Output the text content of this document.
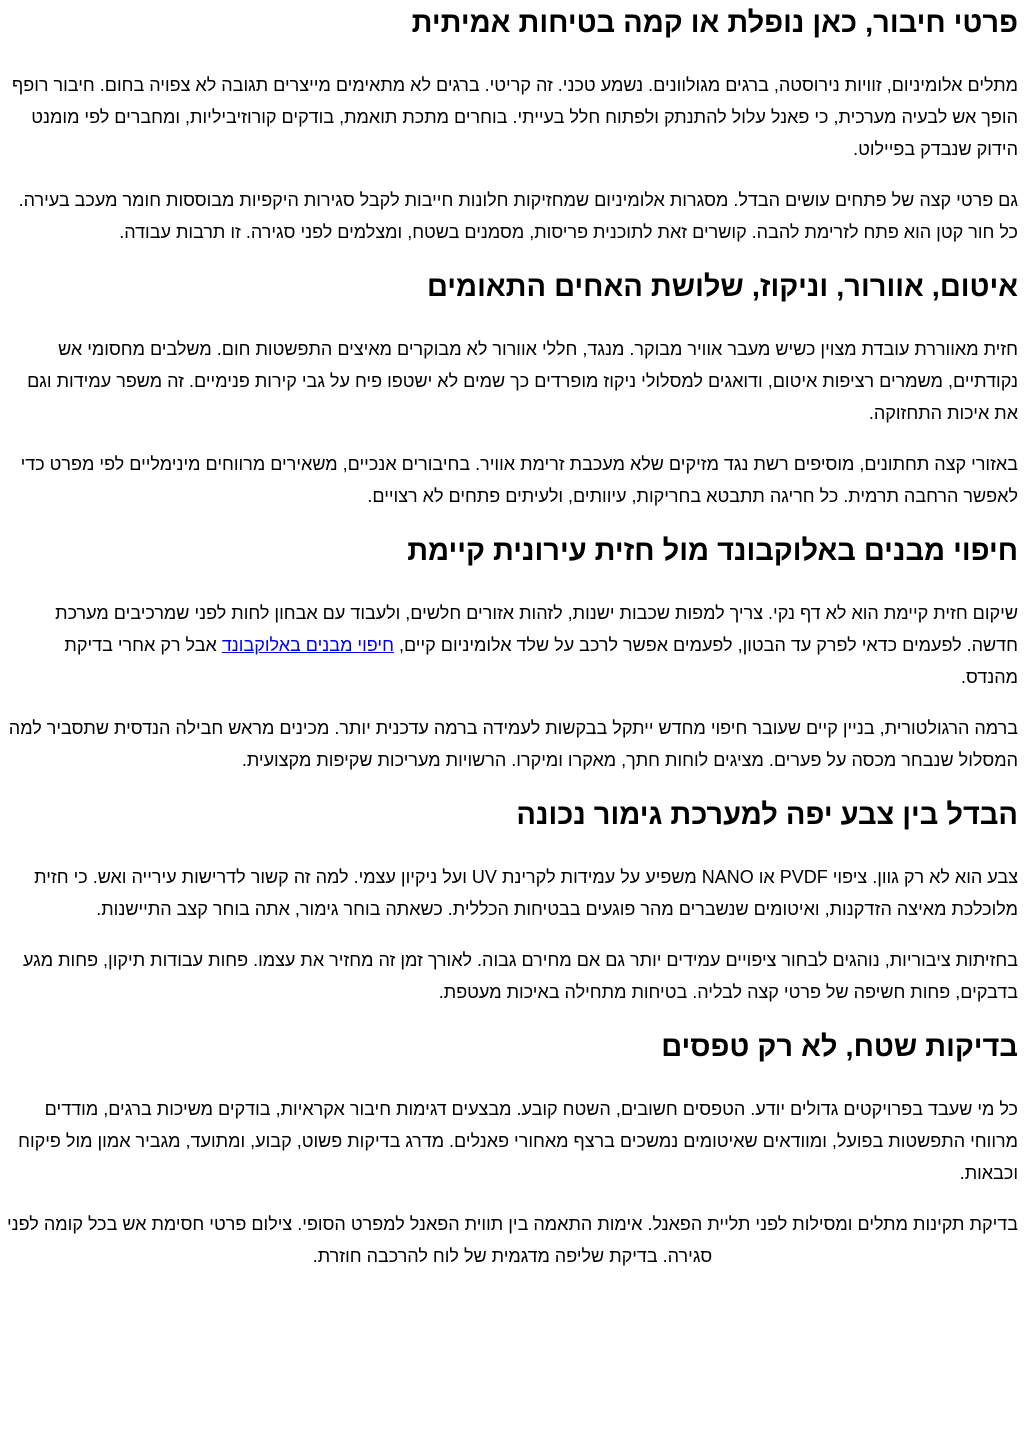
פרטי חיבור, כאן נופלת או קמה בטיחות אמיתית

מתלים אלומיניום, זוויות נירוסטה, ברגים מגולוונים. נשמע טכני. זה קריטי. ברגים לא מתאימים מייצרים תגובה לא צפויה בחום. חיבור רופף הופך אש לבעיה מערכית, כי פאנל עלול להתנתק ולפתוח חלל בעייתי. בוחרים מתכת תואמת, בודקים קורוזיביליות, ומחברים לפי מומנט הידוק שנבדק בפיילוט.

גם פרטי קצה של פתחים עושים הבדל. מסגרות אלומיניום שמחזיקות חלונות חייבות לקבל סגירות היקפיות מבוססות חומר מעכב בעירה. כל חור קטן הוא פתח לזרימת להבה. קושרים זאת לתוכנית פריסות, מסמנים בשטח, ומצלמים לפני סגירה. זו תרבות עבודה.

איטום, אוורור, וניקוז, שלושת האחים התאומים

חזית מאווררת עובדת מצוין כשיש מעבר אוויר מבוקר. מנגד, חללי אוורור לא מבוקרים מאיצים התפשטות חום. משלבים מחסומי אש נקודתיים, משמרים רציפות איטום, ודואגים למסלולי ניקוז מופרדים כך שמים לא ישטפו פיח על גבי קירות פנימיים. זה משפר עמידות וגם את איכות התחזוקה.

באזורי קצה תחתונים, מוסיפים רשת נגד מזיקים שלא מעכבת זרימת אוויר. בחיבורים אנכיים, משאירים מרווחים מינימליים לפי מפרט כדי לאפשר הרחבה תרמית. כל חריגה תתבטא בחריקות, עיוותים, ולעיתים פתחים לא רצויים.

חיפוי מבנים באלוקבונד מול חזית עירונית קיימת

שיקום חזית קיימת הוא לא דף נקי. צריך למפות שכבות ישנות, לזהות אזורים חלשים, ולעבוד עם אבחון לחות לפני שמרכיבים מערכת חדשה. לפעמים כדאי לפרק עד הבטון, לפעמים אפשר לרכב על שלד אלומיניום קיים, חיפוי מבנים באלוקבונד אבל רק אחרי בדיקת מהנדס.

ברמה הרגולטורית, בניין קיים שעובר חיפוי מחדש ייתקל בבקשות לעמידה ברמה עדכנית יותר. מכינים מראש חבילה הנדסית שתסביר למה המסלול שנבחר מכסה על פערים. מציגים לוחות חתך, מאקרו ומיקרו. הרשויות מעריכות שקיפות מקצועית.

הבדל בין צבע יפה למערכת גימור נכונה

צבע הוא לא רק גוון. ציפוי PVDF או NANO משפיע על עמידות לקרינת UV ועל ניקיון עצמי. למה זה קשור לדרישות עירייה ואש. כי חזית מלוכלכת מאיצה הזדקנות, ואיטומים שנשברים מהר פוגעים בבטיחות הכללית. כשאתה בוחר גימור, אתה בוחר קצב התיישנות.

בחזיתות ציבוריות, נוהגים לבחור ציפויים עמידים יותר גם אם מחירם גבוה. לאורך זמן זה מחזיר את עצמו. פחות עבודות תיקון, פחות מגע בדבקים, פחות חשיפה של פרטי קצה לבליה. בטיחות מתחילה באיכות מעטפת.

בדיקות שטח, לא רק טפסים

כל מי שעבד בפרויקטים גדולים יודע. הטפסים חשובים, השטח קובע. מבצעים דגימות חיבור אקראיות, בודקים משיכות ברגים, מודדים מרווחי התפשטות בפועל, ומוודאים שאיטומים נמשכים ברצף מאחורי פאנלים. מדרג בדיקות פשוט, קבוע, ומתועד, מגביר אמון מול פיקוח וכבאות.

בדיקת תקינות מתלים ומסילות לפני תליית הפאנל. אימות התאמה בין תווית הפאנל למפרט הסופי. צילום פרטי חסימת אש בכל קומה לפני סגירה. בדיקת שליפה מדגמית של לוח להרכבה חוזרת.
